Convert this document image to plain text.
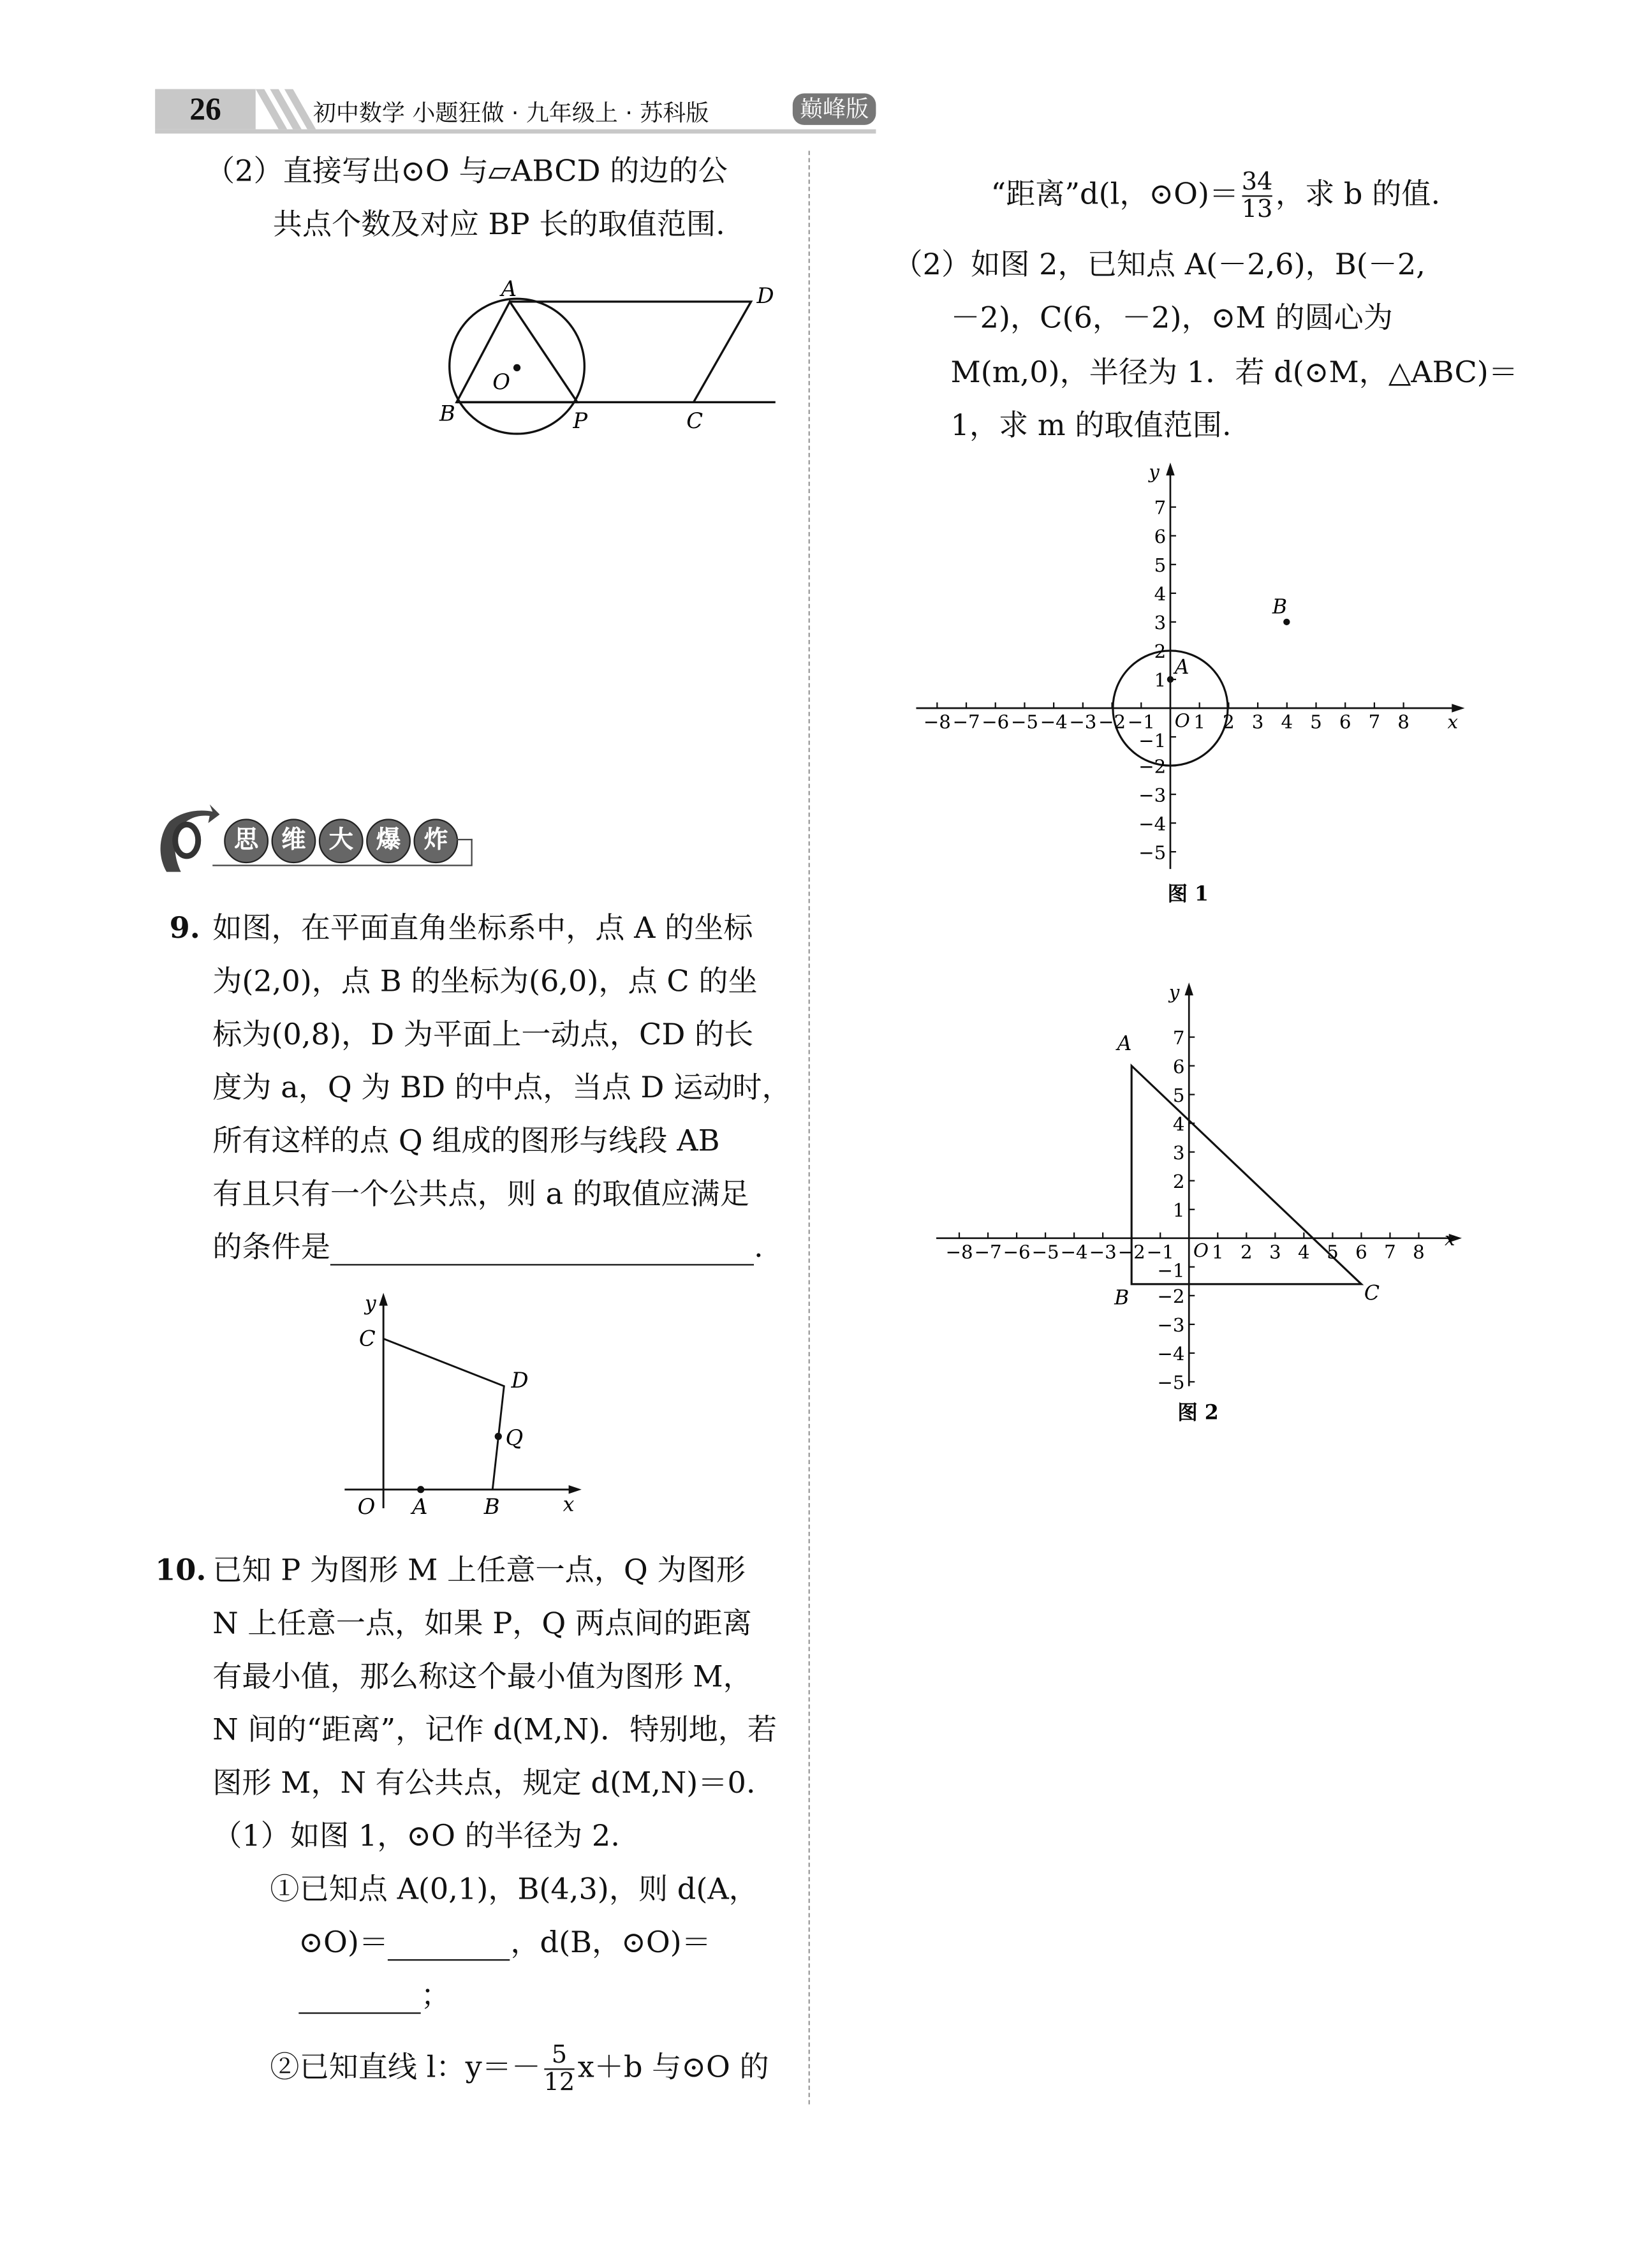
26	初中数学 小题狂做 · 九年级上 · 苏科版	巅峰版
（2）直接写出⊙O 与▱ABCD 的边的公
共点个数及对应 BP 长的取值范围.
A	D
O
B	P	C
思	维	大	爆	炸
9. 如图，在平面直角坐标系中，点 A 的坐标
为(2,0)，点 B 的坐标为(6,0)，点 C 的坐
标为(0,8)，D 为平面上一动点，CD 的长
度为 a，Q 为 BD 的中点，当点 D 运动时，
所有这样的点 Q 组成的图形与线段 AB
有且只有一个公共点，则 a 的取值应满足
的条件是	.
y
x
O	A	B
C
D
Q
10. 已知 P 为图形 M 上任意一点，Q 为图形
N 上任意一点，如果 P，Q 两点间的距离
有最小值，那么称这个最小值为图形 M，
N 间的“距离”，记作 d(M,N)．特别地，若
图形 M，N 有公共点，规定 d(M,N)＝0.
（1）如图 1，⊙O 的半径为 2.
①已知点 A(0,1)，B(4,3)，则 d(A，
⊙O)＝	，d(B，⊙O)＝
；
②已知直线 l：$y=- \frac{5}{12} x+b$ 与⊙O 的
“距离”d(l，⊙O)＝ $\frac{34}{13}$ ，求 b 的值.
（2）如图 2，已知点 A(－2,6)，B(－2,
－2)，C(6，－2)，⊙M 的圆心为
M(m,0)，半径为 1．若 d(⊙M，△ABC)＝
1，求 m 的取值范围.
A
B
O	x
y
图 1
−8 −7 −6 −5 −4 −3 −2 −1	1 2 3 4 5 6 7 8
−5
−4
−3
−2
−1
1
2
3
4
5
6
7
A
B	C
O
x
y
图 2
−8 −7 −6 −5 −4 −3 −2 −1	1 2 3 4 5 6 7 8
−5
−4
−3
−2
−1
1
2
3
4
5
6
7
